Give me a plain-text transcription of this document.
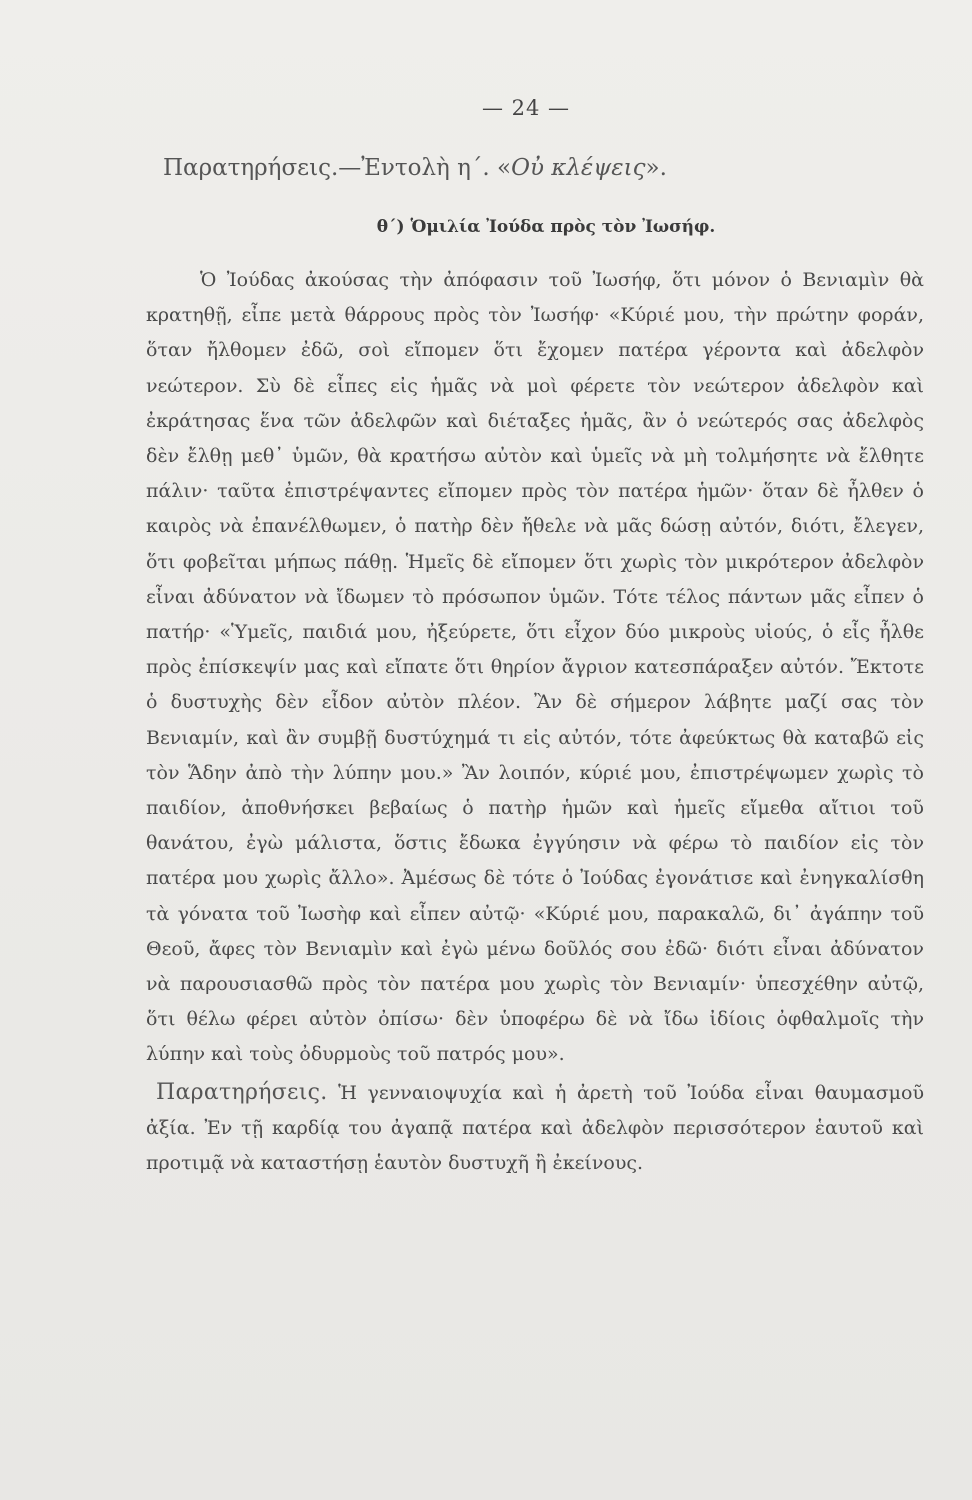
— 24 —
Παρατηρήσεις.—Ἐντολὴ η΄. «Οὐ κλέψεις».
θ΄) Ὁμιλία Ἰούδα πρὸς τὸν Ἰωσήφ.

Ὁ Ἰούδας ἀκούσας τὴν ἀπόφασιν τοῦ Ἰωσήφ, ὅτι μόνον ὁ Βενιαμὶν θὰ κρατηθῇ, εἶπε μετὰ θάρρους πρὸς τὸν Ἰωσήφ· «Κύριέ μου, τὴν πρώτην φοράν, ὅταν ἤλθομεν ἐδῶ, σοὶ εἴπομεν ὅτι ἔχομεν πατέρα γέροντα καὶ ἀδελφὸν νεώτερον. Σὺ δὲ εἶπες εἰς ἡμᾶς νὰ μοὶ φέρετε τὸν νεώτερον ἀδελφὸν καὶ ἐκράτησας ἕνα τῶν ἀδελφῶν καὶ διέταξες ἡμᾶς, ἂν ὁ νεώτερός σας ἀδελφὸς δὲν ἔλθῃ μεθ᾿ ὑμῶν, θὰ κρατήσω αὐτὸν καὶ ὑμεῖς νὰ μὴ τολμήσητε νὰ ἔλθητε πάλιν· ταῦτα ἐπιστρέψαντες εἴπομεν πρὸς τὸν πατέρα ἡμῶν· ὅταν δὲ ἦλθεν ὁ καιρὸς νὰ ἐπανέλθωμεν, ὁ πατὴρ δὲν ἤθελε νὰ μᾶς δώσῃ αὐτόν, διότι, ἔλεγεν, ὅτι φοβεῖται μήπως πάθῃ. Ἡμεῖς δὲ εἴπομεν ὅτι χωρὶς τὸν μικρότερον ἀδελφὸν εἶναι ἀδύνατον νὰ ἴδωμεν τὸ πρόσωπον ὑμῶν. Τότε τέλος πάντων μᾶς εἶπεν ὁ πατήρ· «Ὑμεῖς, παιδιά μου, ἠξεύρετε, ὅτι εἶχον δύο μικροὺς υἱούς, ὁ εἷς ἦλθε πρὸς ἐπίσκεψίν μας καὶ εἴπατε ὅτι θηρίον ἄγριον κατεσπάραξεν αὐτόν. Ἔκτοτε ὁ δυστυχὴς δὲν εἶδον αὐτὸν πλέον. Ἂν δὲ σήμερον λάβητε μαζί σας τὸν Βενιαμίν, καὶ ἂν συμβῇ δυστύχημά τι εἰς αὐτόν, τότε ἀφεύκτως θὰ καταβῶ εἰς τὸν Ἅδην ἀπὸ τὴν λύπην μου.» Ἂν λοιπόν, κύριέ μου, ἐπιστρέψωμεν χωρὶς τὸ παιδίον, ἀποθνήσκει βεβαίως ὁ πατὴρ ἡμῶν καὶ ἡμεῖς εἴμεθα αἴτιοι τοῦ θανάτου, ἐγὼ μάλιστα, ὅστις ἔδωκα ἐγγύησιν νὰ φέρω τὸ παιδίον εἰς τὸν πατέρα μου χωρὶς ἄλλο». Ἀμέσως δὲ τότε ὁ Ἰούδας ἐγονάτισε καὶ ἐνηγκαλίσθη τὰ γόνατα τοῦ Ἰωσὴφ καὶ εἶπεν αὐτῷ· «Κύριέ μου, παρακαλῶ, δι᾿ ἀγάπην τοῦ Θεοῦ, ἄφες τὸν Βενιαμὶν καὶ ἐγὼ μένω δοῦλός σου ἐδῶ· διότι εἶναι ἀδύνατον νὰ παρουσιασθῶ πρὸς τὸν πατέρα μου χωρὶς τὸν Βενιαμίν· ὑπεσχέθην αὐτῷ, ὅτι θέλω φέρει αὐτὸν ὀπίσω· δὲν ὑποφέρω δὲ νὰ ἴδω ἰδίοις ὀφθαλμοῖς τὴν λύπην καὶ τοὺς ὀδυρμοὺς τοῦ πατρός μου».

Παρατηρήσεις. Ἡ γενναιοψυχία καὶ ἡ ἀρετὴ τοῦ Ἰούδα εἶναι θαυμασμοῦ ἀξία. Ἐν τῇ καρδίᾳ του ἀγαπᾷ πατέρα καὶ ἀδελφὸν περισσότερον ἑαυτοῦ καὶ προτιμᾷ νὰ καταστήσῃ ἑαυτὸν δυστυχῆ ἢ ἐκείνους.
